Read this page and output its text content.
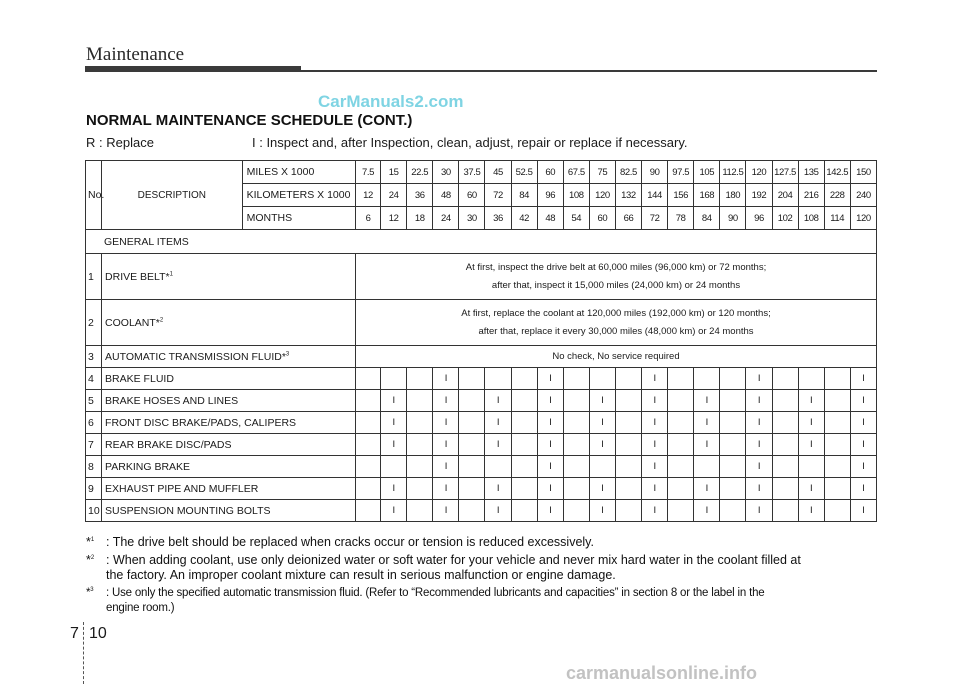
Maintenance
CarManuals2.com
NORMAL MAINTENANCE SCHEDULE (CONT.)
R : Replace	I : Inspect and, after Inspection, clean, adjust, repair or replace if necessary.
No.	DESCRIPTION	MILES X 1000	7.5	15	22.5	30	37.5	45	52.5	60	67.5	75	82.5	90	97.5	105	112.5	120	127.5	135	142.5	150
		KILOMETERS X 1000	12	24	36	48	60	72	84	96	108	120	132	144	156	168	180	192	204	216	228	240
		MONTHS	6	12	18	24	30	36	42	48	54	60	66	72	78	84	90	96	102	108	114	120
GENERAL ITEMS																						
1	DRIVE BELT*$^1$		At first, inspect the drive belt at 60,000 miles (96,000 km) or 72 months;
after that, inspect it 15,000 miles (24,000 km) or 24 months																			

2	COOLANT*$^2$		At first, replace the coolant at 120,000 miles (192,000 km) or 120 months;
after that, replace it every 30,000 miles (48,000 km) or 24 months																			

3	AUTOMATIC TRANSMISSION FLUID*$^3$		No check, No service required																			

4	BRAKE FLUID					I				I				I				I				I
5	BRAKE HOSES AND LINES			I		I		I		I		I		I		I		I		I		I
6	FRONT DISC BRAKE/PADS, CALIPERS			I		I		I		I		I		I		I		I		I		I
7	REAR BRAKE DISC/PADS			I		I		I		I		I		I		I		I		I		I
8	PARKING BRAKE					I				I				I				I				I
9	EXHAUST PIPE AND MUFFLER			I		I		I		I		I		I		I		I		I		I
10	SUSPENSION MOUNTING BOLTS			I		I		I		I		I		I		I		I		I		I
*$^1$ : The drive belt should be replaced when cracks occur or tension is reduced excessively.
*$^2$ : When adding coolant, use only deionized water or soft water for your vehicle and never mix hard water in the coolant filled at
the factory. An improper coolant mixture can result in serious malfunction or engine damage.
*$^3$ : Use only the specified automatic transmission fluid. (Refer to “Recommended lubricants and capacities” in section 8 or the label in the
engine room.)
7 10
carmanualsonline.info
